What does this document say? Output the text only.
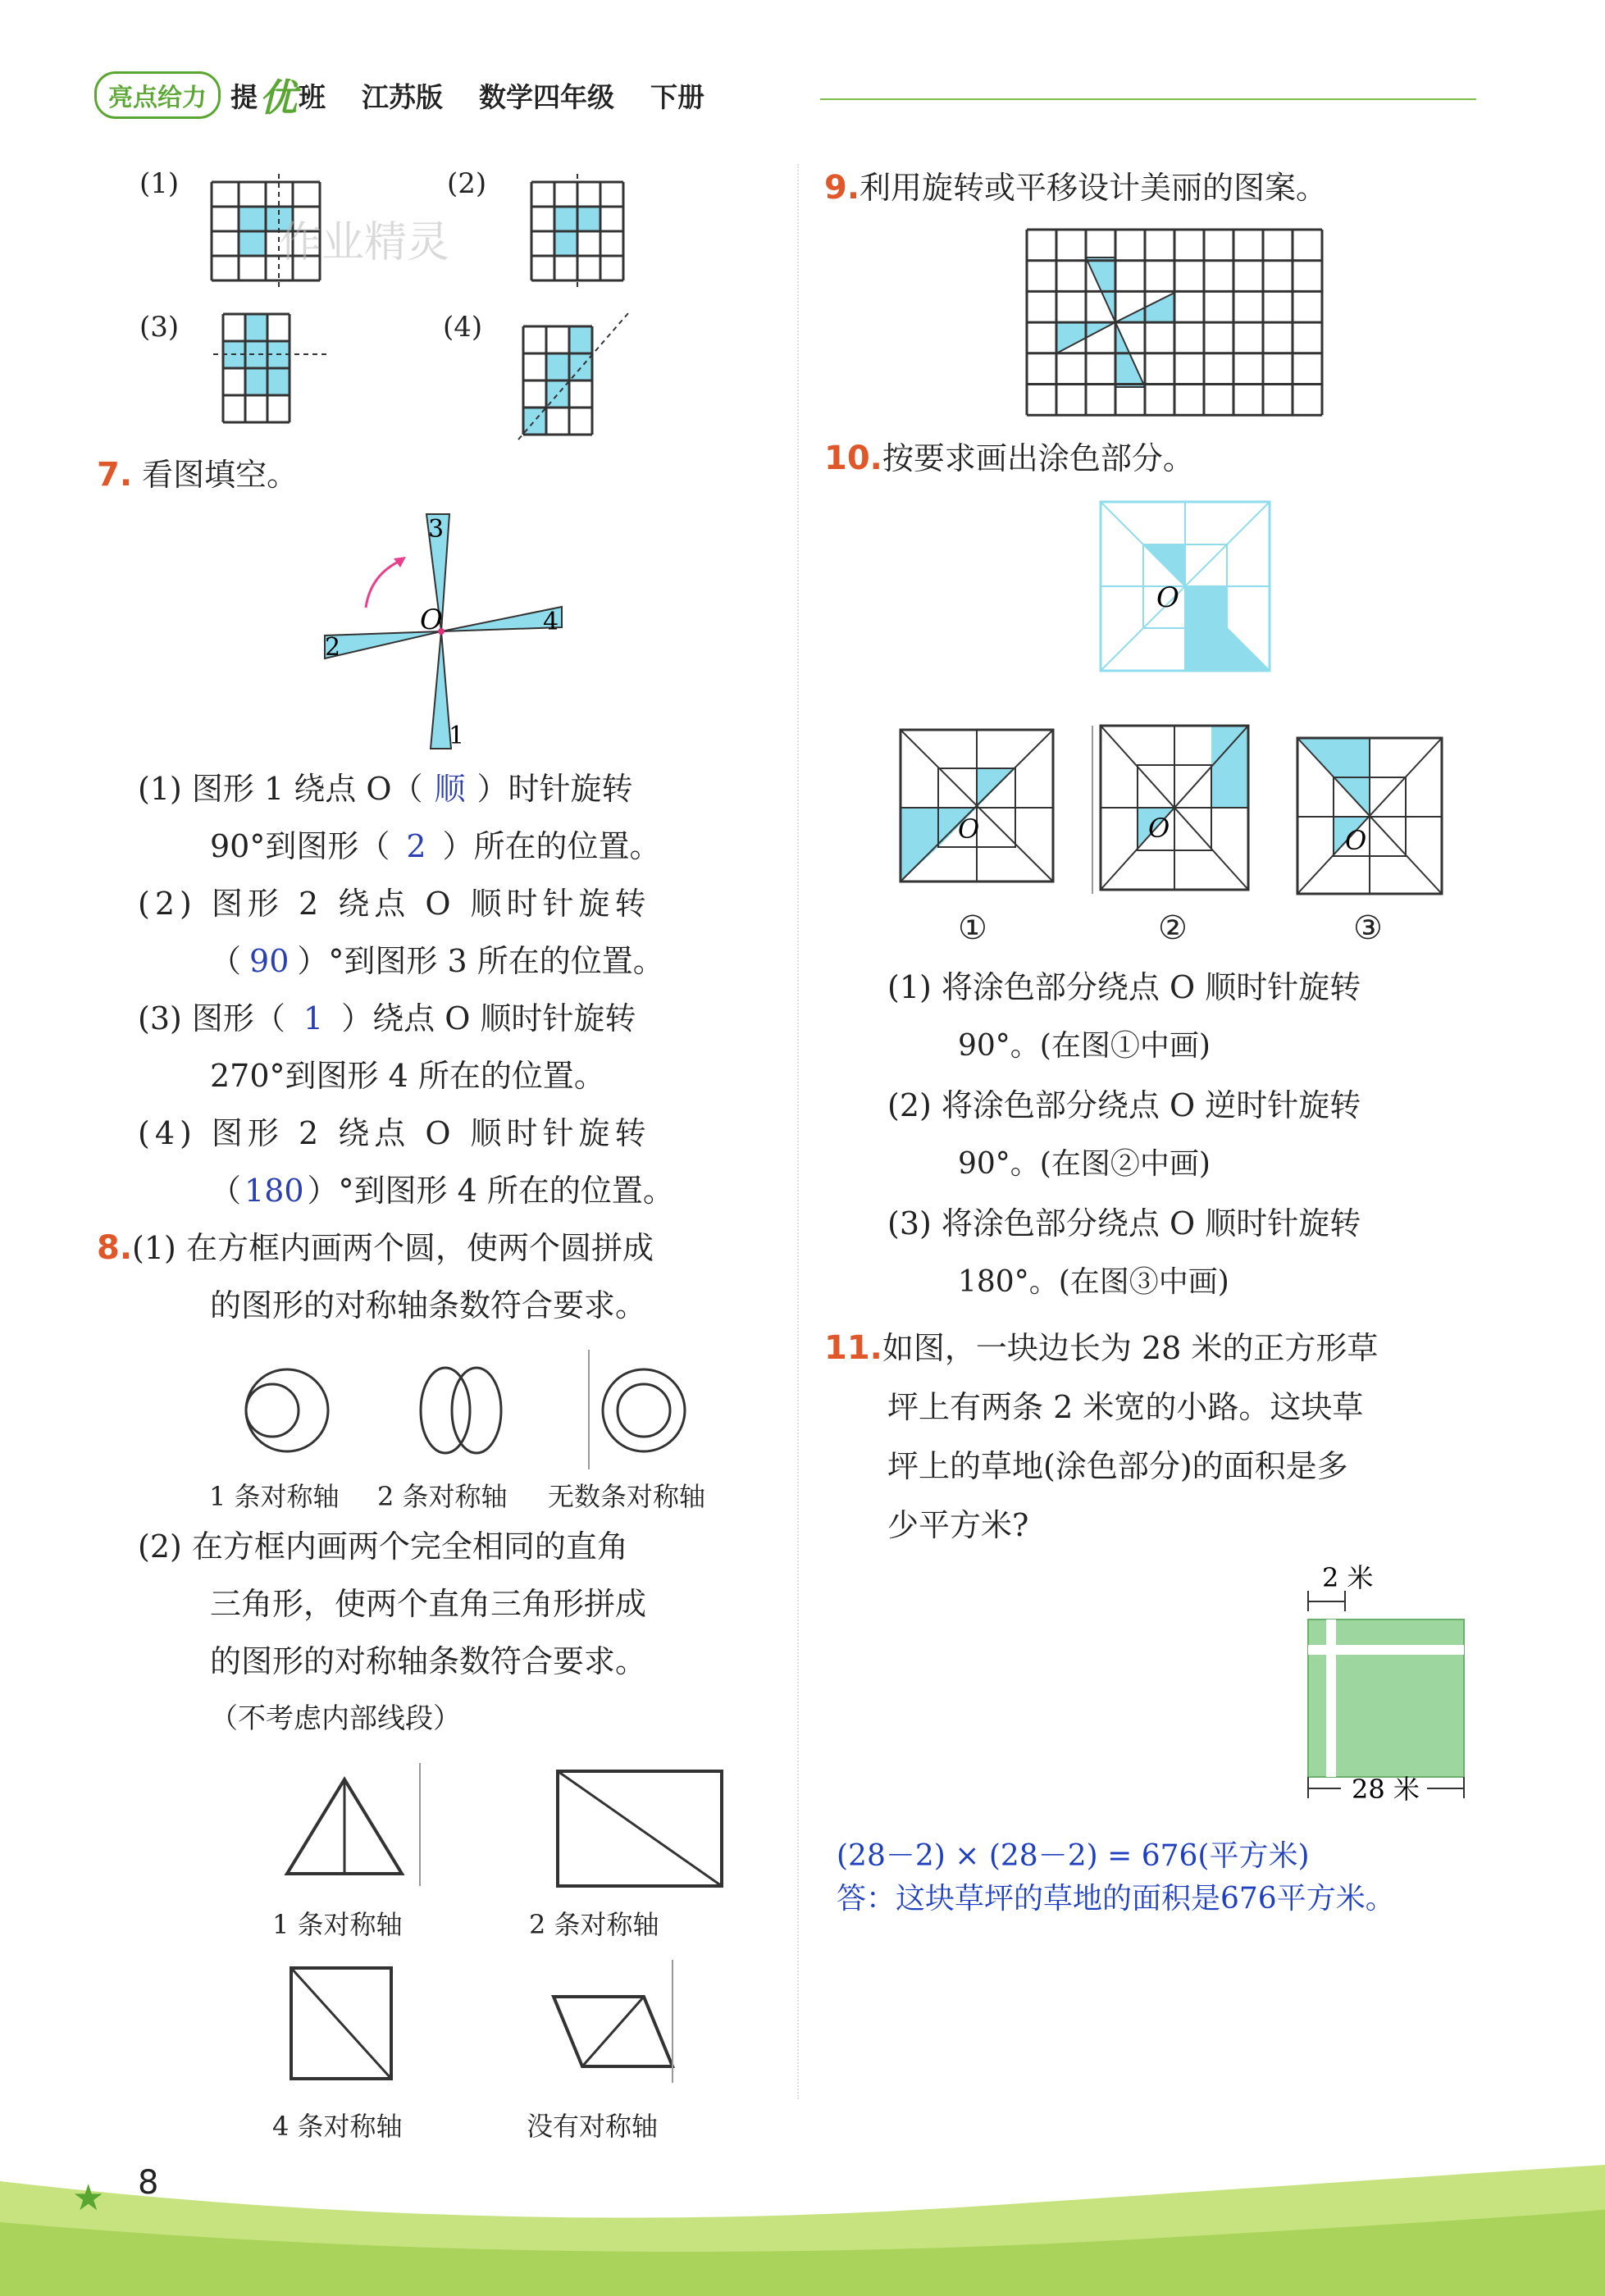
亮点给力 提 优 班 江苏版 数学四年级 下册
(1)	(2)
(3)	(4)
作业精灵
7. 看图填空。
O
3
4
2
1
(1) 图形 1 绕点 O（ 顺 ）时针旋转
90°到图形（ 2 ）所在的位置。
(2) 图形 2 绕点 O 顺时针旋转
（ 90 ）°到图形 3 所在的位置。
(3) 图形（ 1 ）绕点 O 顺时针旋转
270°到图形 4 所在的位置。
(4) 图形 2 绕点 O 顺时针旋转
（ 180 ）°到图形 4 所在的位置。
8.(1) 在方框内画两个圆，使两个圆拼成
的图形的对称轴条数符合要求。
1 条对称轴 2 条对称轴 无数条对称轴
(2) 在方框内画两个完全相同的直角
三角形，使两个直角三角形拼成
的图形的对称轴条数符合要求。
（不考虑内部线段）
1 条对称轴	2 条对称轴
4 条对称轴	没有对称轴
9.利用旋转或平移设计美丽的图案。
10.按要求画出涂色部分。
O
O	O	O
①	②	③
(1) 将涂色部分绕点 O 顺时针旋转
90°。(在图①中画)
(2) 将涂色部分绕点 O 逆时针旋转
90°。(在图②中画)
(3) 将涂色部分绕点 O 顺时针旋转
180°。(在图③中画)
11.如图，一块边长为 28 米的正方形草
坪上有两条 2 米宽的小路。这块草
坪上的草地(涂色部分)的面积是多
少平方米?
2 米
28 米
(28－2) × (28－2) = 676(平方米)
答：这块草坪的草地的面积是676平方米。
★ 8
